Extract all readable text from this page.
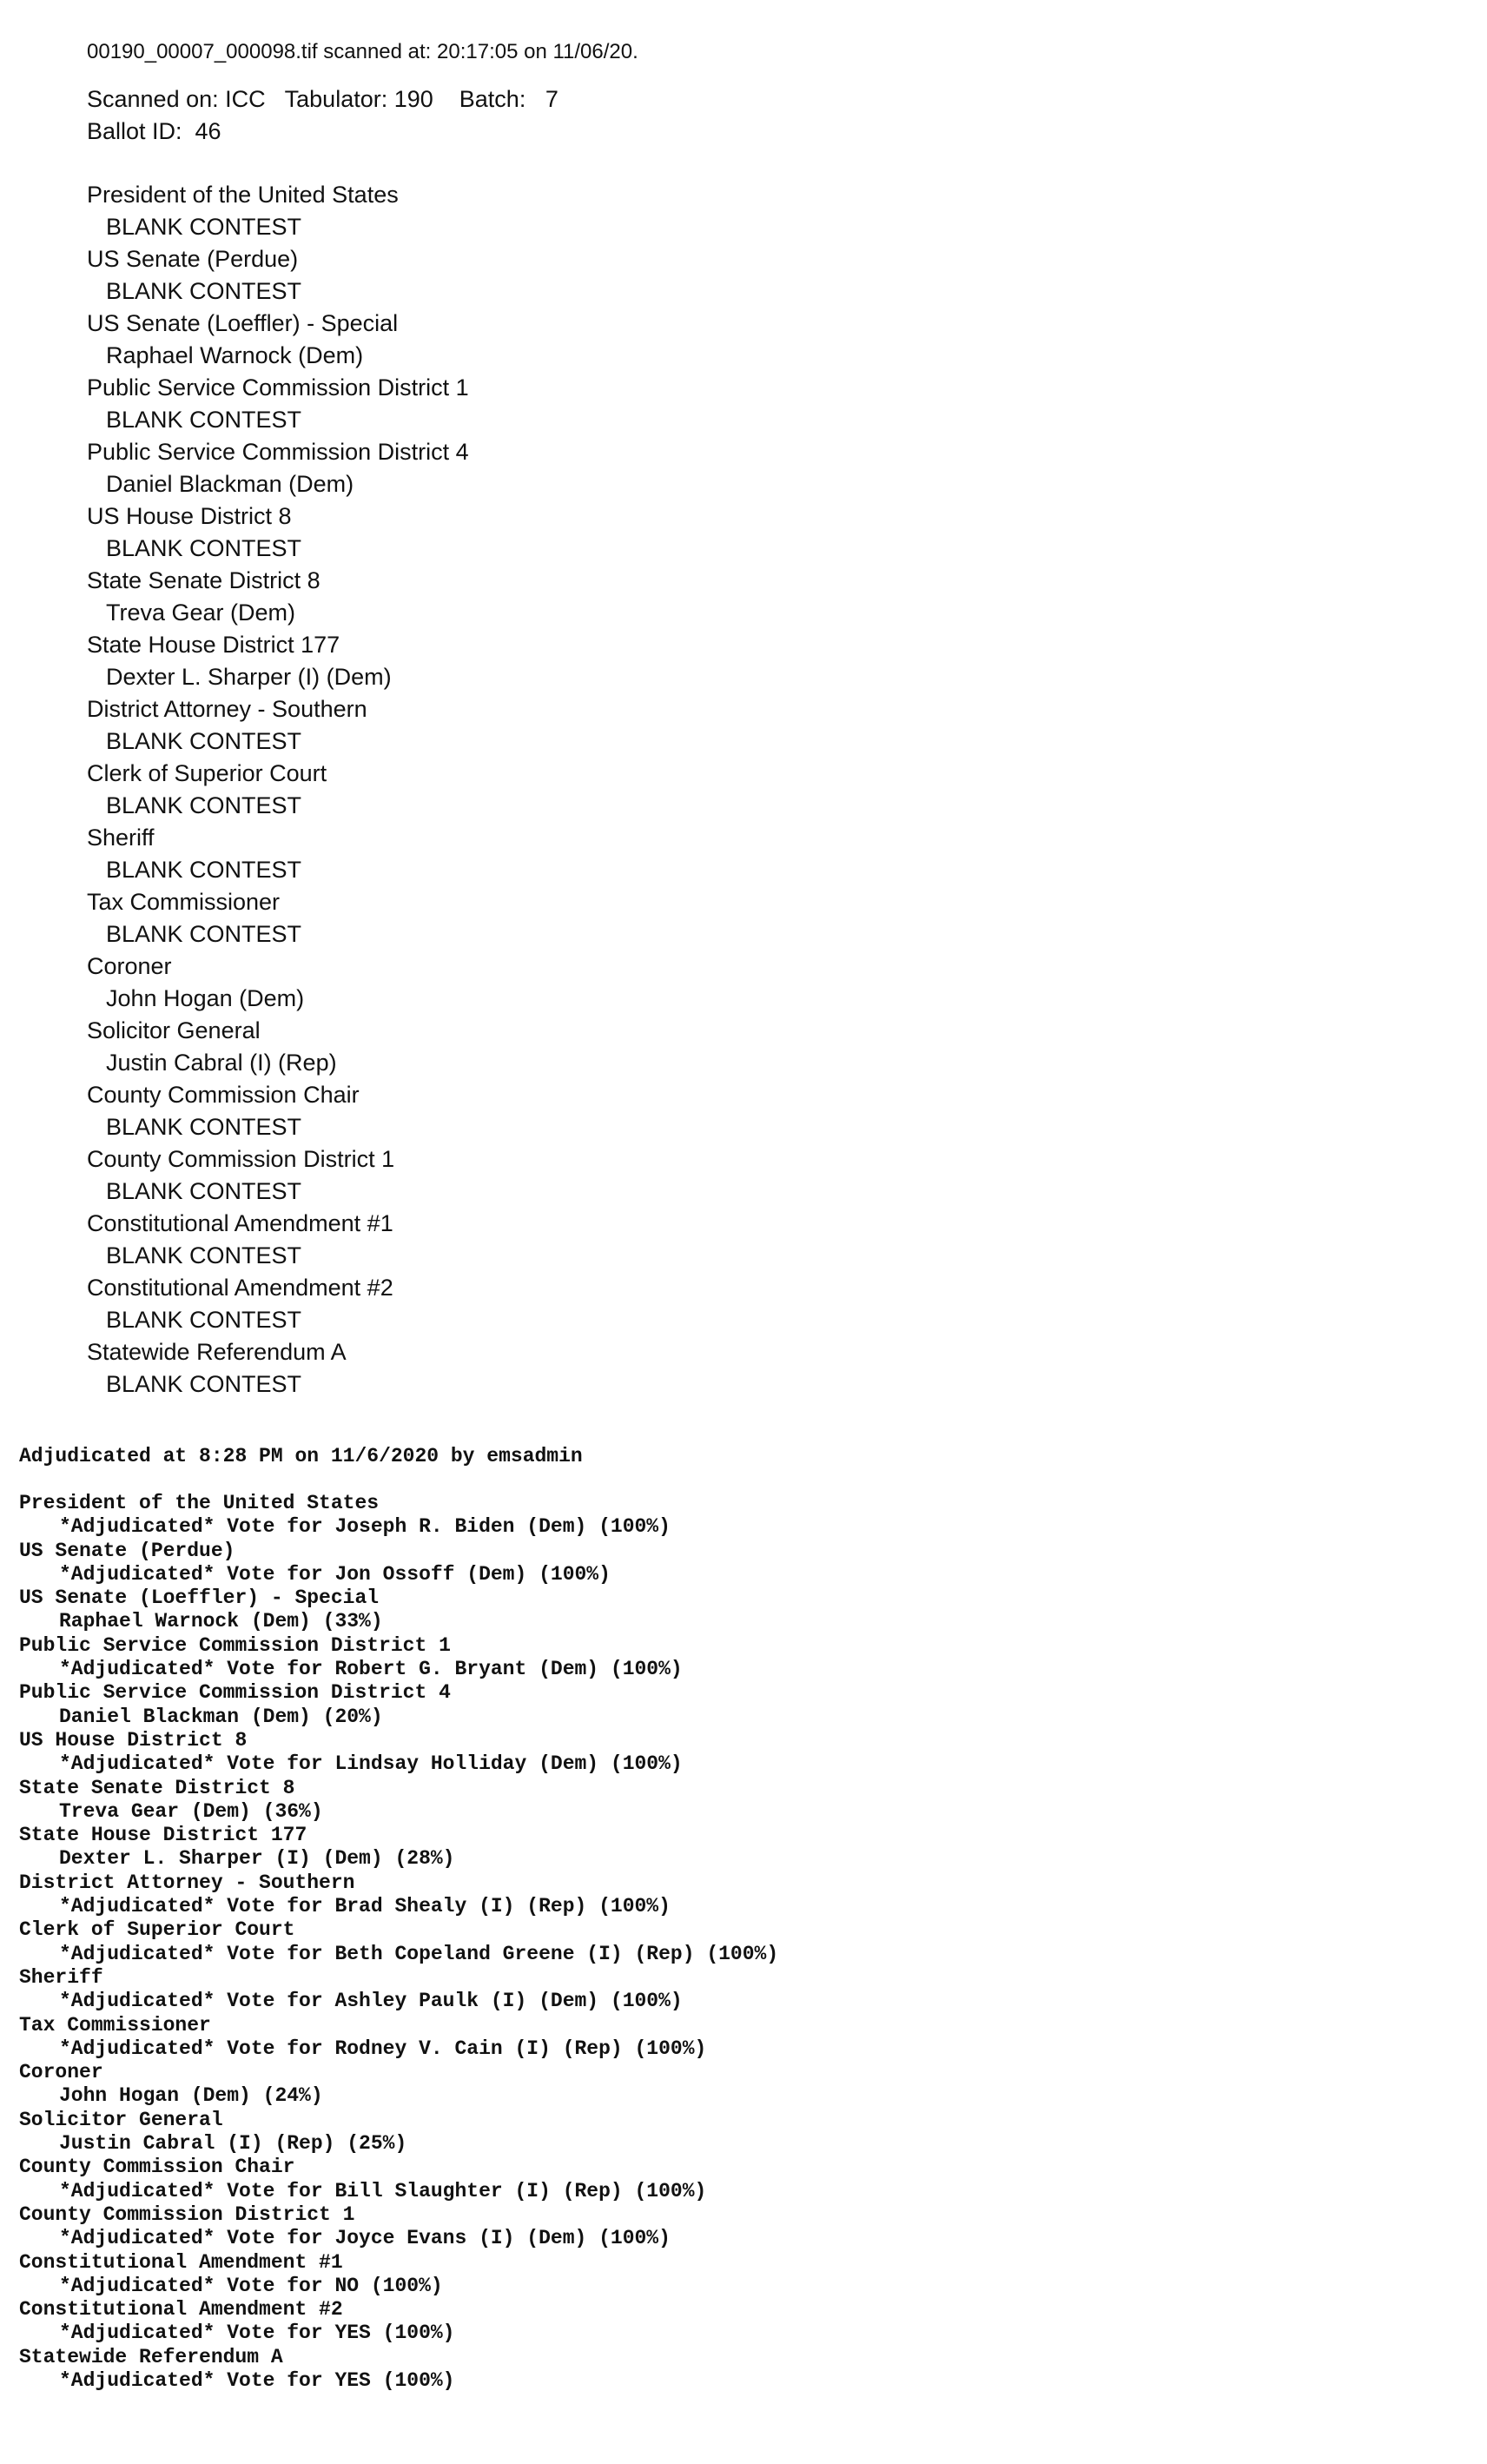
00190_00007_000098.tif scanned at: 20:17:05 on 11/06/20.
Scanned on: ICC   Tabulator: 190    Batch:   7
Ballot ID:  46
President of the United States
BLANK CONTEST
US Senate (Perdue)
BLANK CONTEST
US Senate (Loeffler) - Special
Raphael Warnock (Dem)
Public Service Commission District 1
BLANK CONTEST
Public Service Commission District 4
Daniel Blackman (Dem)
US House District 8
BLANK CONTEST
State Senate District 8
Treva Gear (Dem)
State House District 177
Dexter L. Sharper (I) (Dem)
District Attorney - Southern
BLANK CONTEST
Clerk of Superior Court
BLANK CONTEST
Sheriff
BLANK CONTEST
Tax Commissioner
BLANK CONTEST
Coroner
John Hogan (Dem)
Solicitor General
Justin Cabral (I) (Rep)
County Commission Chair
BLANK CONTEST
County Commission District 1
BLANK CONTEST
Constitutional Amendment #1
BLANK CONTEST
Constitutional Amendment #2
BLANK CONTEST
Statewide Referendum A
BLANK CONTEST
Adjudicated at 8:28 PM on 11/6/2020 by emsadmin
President of the United States
*Adjudicated* Vote for Joseph R. Biden (Dem) (100%)
US Senate (Perdue)
*Adjudicated* Vote for Jon Ossoff (Dem) (100%)
US Senate (Loeffler) - Special
Raphael Warnock (Dem) (33%)
Public Service Commission District 1
*Adjudicated* Vote for Robert G. Bryant (Dem) (100%)
Public Service Commission District 4
Daniel Blackman (Dem) (20%)
US House District 8
*Adjudicated* Vote for Lindsay Holliday (Dem) (100%)
State Senate District 8
Treva Gear (Dem) (36%)
State House District 177
Dexter L. Sharper (I) (Dem) (28%)
District Attorney - Southern
*Adjudicated* Vote for Brad Shealy (I) (Rep) (100%)
Clerk of Superior Court
*Adjudicated* Vote for Beth Copeland Greene (I) (Rep) (100%)
Sheriff
*Adjudicated* Vote for Ashley Paulk (I) (Dem) (100%)
Tax Commissioner
*Adjudicated* Vote for Rodney V. Cain (I) (Rep) (100%)
Coroner
John Hogan (Dem) (24%)
Solicitor General
Justin Cabral (I) (Rep) (25%)
County Commission Chair
*Adjudicated* Vote for Bill Slaughter (I) (Rep) (100%)
County Commission District 1
*Adjudicated* Vote for Joyce Evans (I) (Dem) (100%)
Constitutional Amendment #1
*Adjudicated* Vote for NO (100%)
Constitutional Amendment #2
*Adjudicated* Vote for YES (100%)
Statewide Referendum A
*Adjudicated* Vote for YES (100%)
